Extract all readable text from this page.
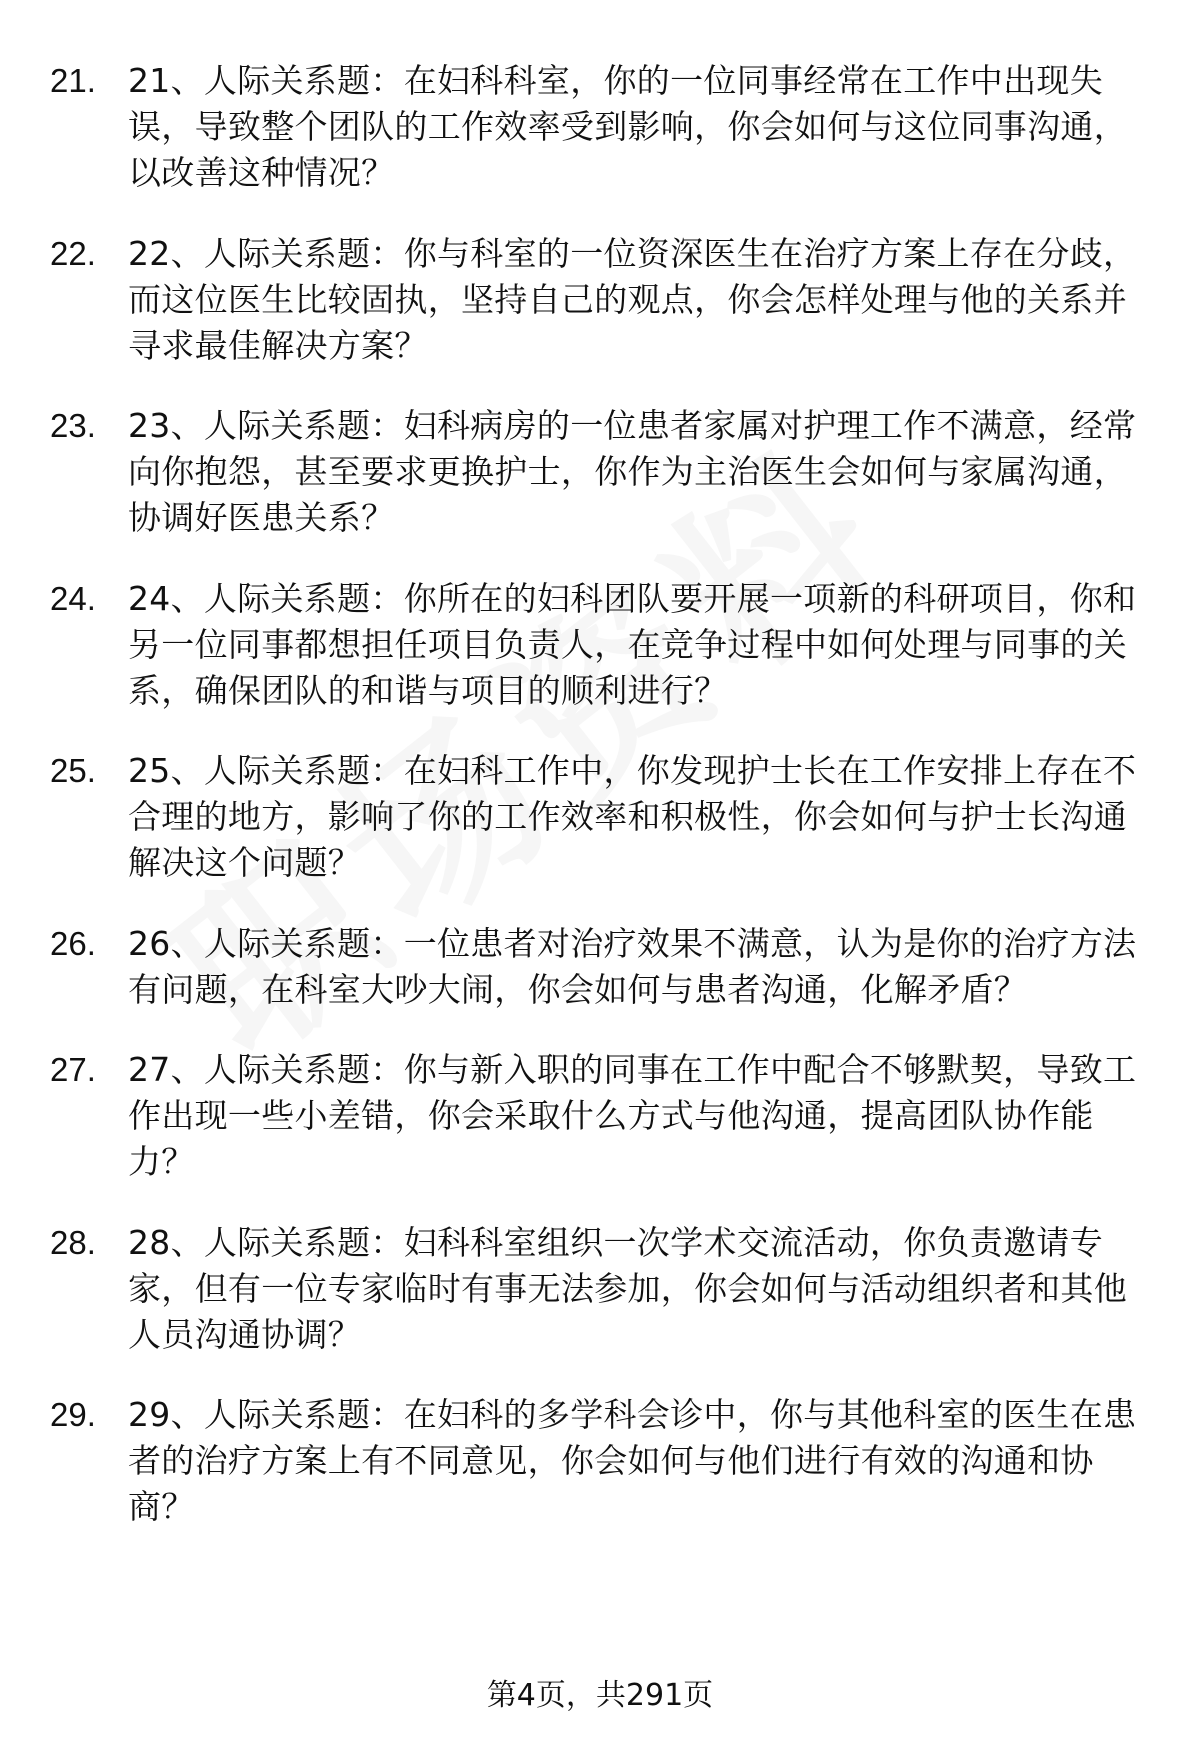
21. 21、人际关系题：在妇科科室，你的一位同事经常在工作中出现失误，导致整个团队的工作效率受到影响，你会如何与这位同事沟通，以改善这种情况？
22. 22、人际关系题：你与科室的一位资深医生在治疗方案上存在分歧，而这位医生比较固执，坚持自己的观点，你会怎样处理与他的关系并寻求最佳解决方案？
23. 23、人际关系题：妇科病房的一位患者家属对护理工作不满意，经常向你抱怨，甚至要求更换护士，你作为主治医生会如何与家属沟通，协调好医患关系？
24. 24、人际关系题：你所在的妇科团队要开展一项新的科研项目，你和另一位同事都想担任项目负责人，在竞争过程中如何处理与同事的关系，确保团队的和谐与项目的顺利进行？
25. 25、人际关系题：在妇科工作中，你发现护士长在工作安排上存在不合理的地方，影响了你的工作效率和积极性，你会如何与护士长沟通解决这个问题？
26. 26、人际关系题：一位患者对治疗效果不满意，认为是你的治疗方法有问题，在科室大吵大闹，你会如何与患者沟通，化解矛盾？
27. 27、人际关系题：你与新入职的同事在工作中配合不够默契，导致工作出现一些小差错，你会采取什么方式与他沟通，提高团队协作能力？
28. 28、人际关系题：妇科科室组织一次学术交流活动，你负责邀请专家，但有一位专家临时有事无法参加，你会如何与活动组织者和其他人员沟通协调？
29. 29、人际关系题：在妇科的多学科会诊中，你与其他科室的医生在患者的治疗方案上有不同意见，你会如何与他们进行有效的沟通和协商？
第4页，共291页
